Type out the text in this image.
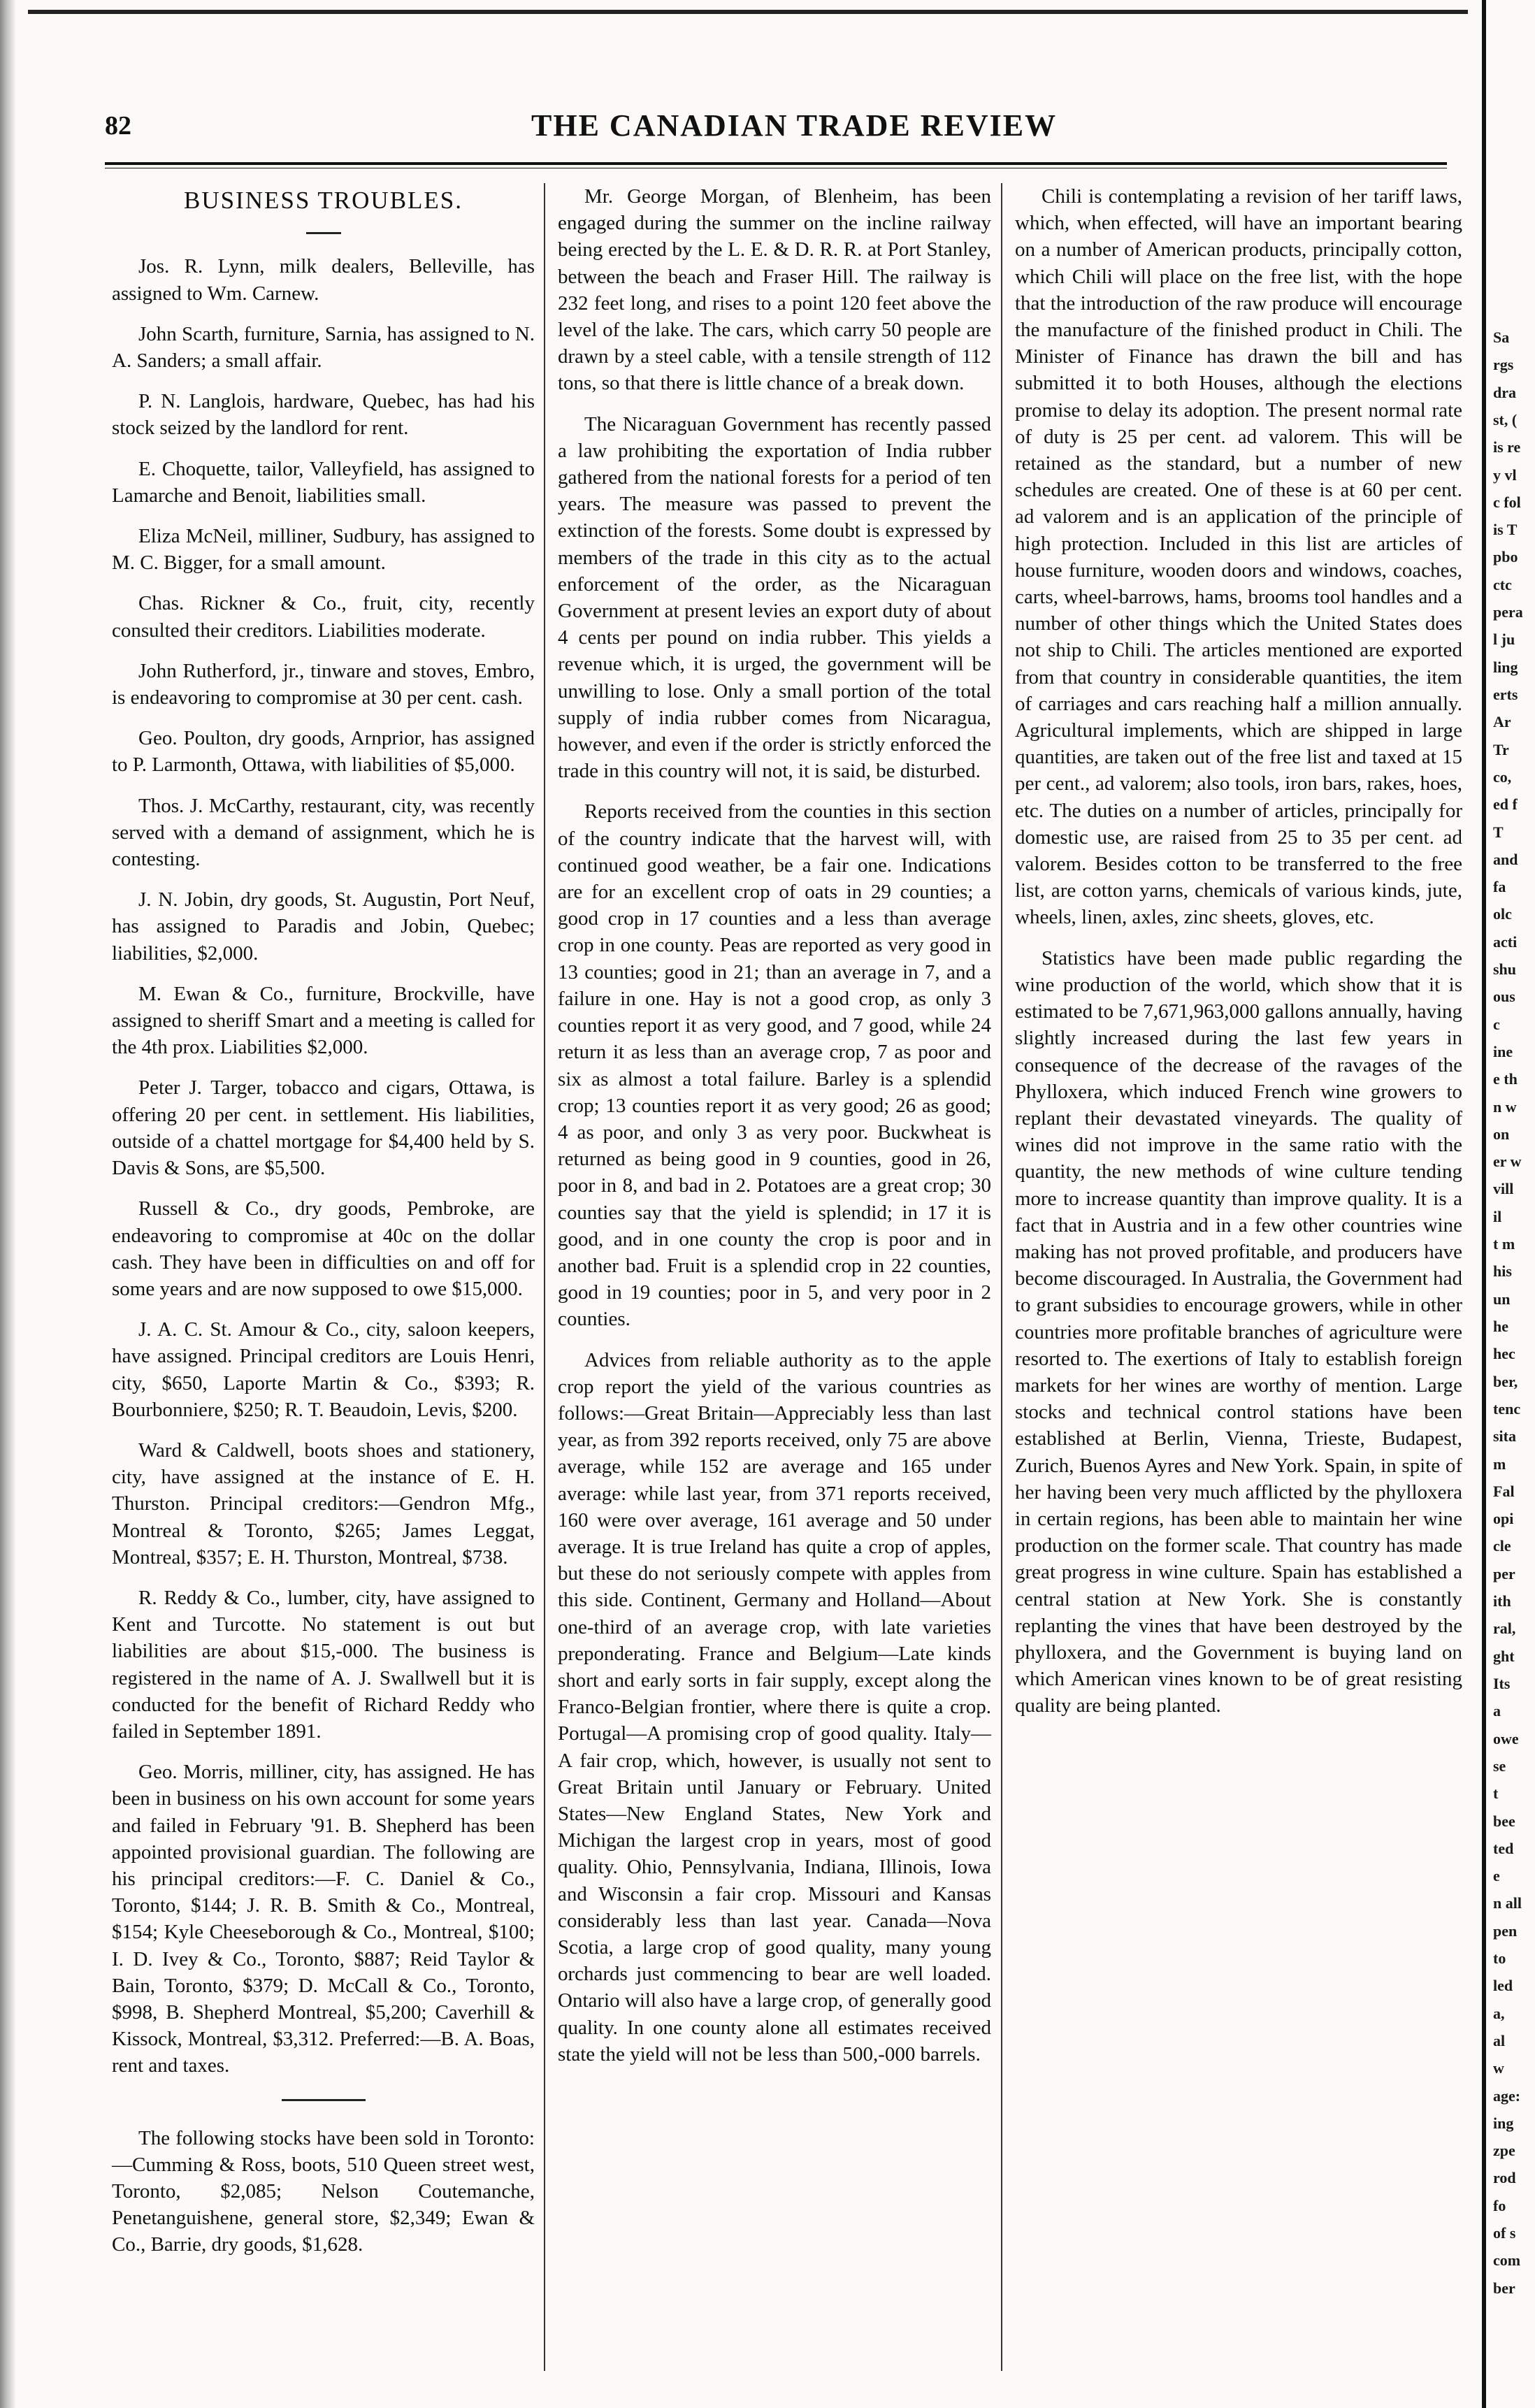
82	THE CANADIAN TRADE REVIEW
BUSINESS TROUBLES.

Jos. R. Lynn, milk dealers, Belleville, has assigned to Wm. Carnew.

John Scarth, furniture, Sarnia, has assigned to N. A. Sanders; a small affair.

P. N. Langlois, hardware, Quebec, has had his stock seized by the landlord for rent.

E. Choquette, tailor, Valleyfield, has assigned to Lamarche and Benoit, liabilities small.

Eliza McNeil, milliner, Sudbury, has assigned to M. C. Bigger, for a small amount.

Chas. Rickner & Co., fruit, city, recently consulted their creditors. Liabilities moderate.

John Rutherford, jr., tinware and stoves, Embro, is endeavoring to compromise at 30 per cent. cash.

Geo. Poulton, dry goods, Arnprior, has assigned to P. Larmonth, Ottawa, with liabilities of $5,000.

Thos. J. McCarthy, restaurant, city, was recently served with a demand of assignment, which he is contesting.

J. N. Jobin, dry goods, St. Augustin, Port Neuf, has assigned to Paradis and Jobin, Quebec; liabilities, $2,000.

M. Ewan & Co., furniture, Brockville, have assigned to sheriff Smart and a meeting is called for the 4th prox. Liabilities $2,000.

Peter J. Targer, tobacco and cigars, Ottawa, is offering 20 per cent. in settlement. His liabilities, outside of a chattel mortgage for $4,400 held by S. Davis & Sons, are $5,500.

Russell & Co., dry goods, Pembroke, are endeavoring to compromise at 40c on the dollar cash. They have been in difficulties on and off for some years and are now supposed to owe $15,000.

J. A. C. St. Amour & Co., city, saloon keepers, have assigned. Principal creditors are Louis Henri, city, $650, Laporte Martin & Co., $393; R. Bourbonniere, $250; R. T. Beaudoin, Levis, $200.

Ward & Caldwell, boots shoes and stationery, city, have assigned at the instance of E. H. Thurston. Principal creditors:—Gendron Mfg., Montreal & Toronto, $265; James Leggat, Montreal, $357; E. H. Thurston, Montreal, $738.

R. Reddy & Co., lumber, city, have assigned to Kent and Turcotte. No statement is out but liabilities are about $15,-000. The business is registered in the name of A. J. Swallwell but it is conducted for the benefit of Richard Reddy who failed in September 1891.

Geo. Morris, milliner, city, has assigned. He has been in business on his own account for some years and failed in February '91. B. Shepherd has been appointed provisional guardian. The following are his principal creditors:—F. C. Daniel & Co., Toronto, $144; J. R. B. Smith & Co., Montreal, $154; Kyle Cheeseborough & Co., Montreal, $100; I. D. Ivey & Co., Toronto, $887; Reid Taylor & Bain, Toronto, $379; D. McCall & Co., Toronto, $998, B. Shepherd Montreal, $5,200; Caverhill & Kissock, Montreal, $3,312. Preferred:—B. A. Boas, rent and taxes.

The following stocks have been sold in Toronto:—Cumming & Ross, boots, 510 Queen street west, Toronto, $2,085; Nelson Coutemanche, Penetanguishene, general store, $2,349; Ewan & Co., Barrie, dry goods, $1,628.

Mr. George Morgan, of Blenheim, has been engaged during the summer on the incline railway being erected by the L. E. & D. R. R. at Port Stanley, between the beach and Fraser Hill. The railway is 232 feet long, and rises to a point 120 feet above the level of the lake. The cars, which carry 50 people are drawn by a steel cable, with a tensile strength of 112 tons, so that there is little chance of a break down.

The Nicaraguan Government has recently passed a law prohibiting the exportation of India rubber gathered from the national forests for a period of ten years. The measure was passed to prevent the extinction of the forests. Some doubt is expressed by members of the trade in this city as to the actual enforcement of the order, as the Nicaraguan Government at present levies an export duty of about 4 cents per pound on india rubber. This yields a revenue which, it is urged, the government will be unwilling to lose. Only a small portion of the total supply of india rubber comes from Nicaragua, however, and even if the order is strictly enforced the trade in this country will not, it is said, be disturbed.

Reports received from the counties in this section of the country indicate that the harvest will, with continued good weather, be a fair one. Indications are for an excellent crop of oats in 29 counties; a good crop in 17 counties and a less than average crop in one county. Peas are reported as very good in 13 counties; good in 21; than an average in 7, and a failure in one. Hay is not a good crop, as only 3 counties report it as very good, and 7 good, while 24 return it as less than an average crop, 7 as poor and six as almost a total failure. Barley is a splendid crop; 13 counties report it as very good; 26 as good; 4 as poor, and only 3 as very poor. Buckwheat is returned as being good in 9 counties, good in 26, poor in 8, and bad in 2. Potatoes are a great crop; 30 counties say that the yield is splendid; in 17 it is good, and in one county the crop is poor and in another bad. Fruit is a splendid crop in 22 counties, good in 19 counties; poor in 5, and very poor in 2 counties.

Advices from reliable authority as to the apple crop report the yield of the various countries as follows:—Great Britain—Appreciably less than last year, as from 392 reports received, only 75 are above average, while 152 are average and 165 under average: while last year, from 371 reports received, 160 were over average, 161 average and 50 under average. It is true Ireland has quite a crop of apples, but these do not seriously compete with apples from this side. Continent, Germany and Holland—About one-third of an average crop, with late varieties preponderating. France and Belgium—Late kinds short and early sorts in fair supply, except along the Franco-Belgian frontier, where there is quite a crop. Portugal—A promising crop of good quality. Italy—A fair crop, which, however, is usually not sent to Great Britain until January or February. United States—New England States, New York and Michigan the largest crop in years, most of good quality. Ohio, Pennsylvania, Indiana, Illinois, Iowa and Wisconsin a fair crop. Missouri and Kansas considerably less than last year. Canada—Nova Scotia, a large crop of good quality, many young orchards just commencing to bear are well loaded. Ontario will also have a large crop, of generally good quality. In one county alone all estimates received state the yield will not be less than 500,-000 barrels.

Chili is contemplating a revision of her tariff laws, which, when effected, will have an important bearing on a number of American products, principally cotton, which Chili will place on the free list, with the hope that the introduction of the raw produce will encourage the manufacture of the finished product in Chili. The Minister of Finance has drawn the bill and has submitted it to both Houses, although the elections promise to delay its adoption. The present normal rate of duty is 25 per cent. ad valorem. This will be retained as the standard, but a number of new schedules are created. One of these is at 60 per cent. ad valorem and is an application of the principle of high protection. Included in this list are articles of house furniture, wooden doors and windows, coaches, carts, wheel-barrows, hams, brooms tool handles and a number of other things which the United States does not ship to Chili. The articles mentioned are exported from that country in considerable quantities, the item of carriages and cars reaching half a million annually. Agricultural implements, which are shipped in large quantities, are taken out of the free list and taxed at 15 per cent., ad valorem; also tools, iron bars, rakes, hoes, etc. The duties on a number of articles, principally for domestic use, are raised from 25 to 35 per cent. ad valorem. Besides cotton to be transferred to the free list, are cotton yarns, chemicals of various kinds, jute, wheels, linen, axles, zinc sheets, gloves, etc.

Statistics have been made public regarding the wine production of the world, which show that it is estimated to be 7,671,963,000 gallons annually, having slightly increased during the last few years in consequence of the decrease of the ravages of the Phylloxera, which induced French wine growers to replant their devastated vineyards. The quality of wines did not improve in the same ratio with the quantity, the new methods of wine culture tending more to increase quantity than improve quality. It is a fact that in Austria and in a few other countries wine making has not proved profitable, and producers have become discouraged. In Australia, the Government had to grant subsidies to encourage growers, while in other countries more profitable branches of agriculture were resorted to. The exertions of Italy to establish foreign markets for her wines are worthy of mention. Large stocks and technical control stations have been established at Berlin, Vienna, Trieste, Budapest, Zurich, Buenos Ayres and New York. Spain, in spite of her having been very much afflicted by the phylloxera in certain regions, has been able to maintain her wine production on the former scale. That country has made great progress in wine culture. Spain has established a central station at New York. She is constantly replanting the vines that have been destroyed by the phylloxera, and the Government is buying land on which American vines known to be of great resisting quality are being planted.

Sa
rgs
dra
st, (
is re
y vl
c fol
is T
pbo
ctc
pera
l ju
ling
erts
Ar
Tr
co,
ed f
T
and
fa
olc
acti
shu
ous
c
ine
e th
n w
on
er w
vill
il
t m
his
un
he
hec
ber,
tenc
sita
m
Fal
opi
cle
per
ith
ral,
ght
Its
a
owe
se
t
bee
ted
e
n all
pen
to
led
a,
al
w
age:
ing
zpe
rod
fo
of s
com
ber
